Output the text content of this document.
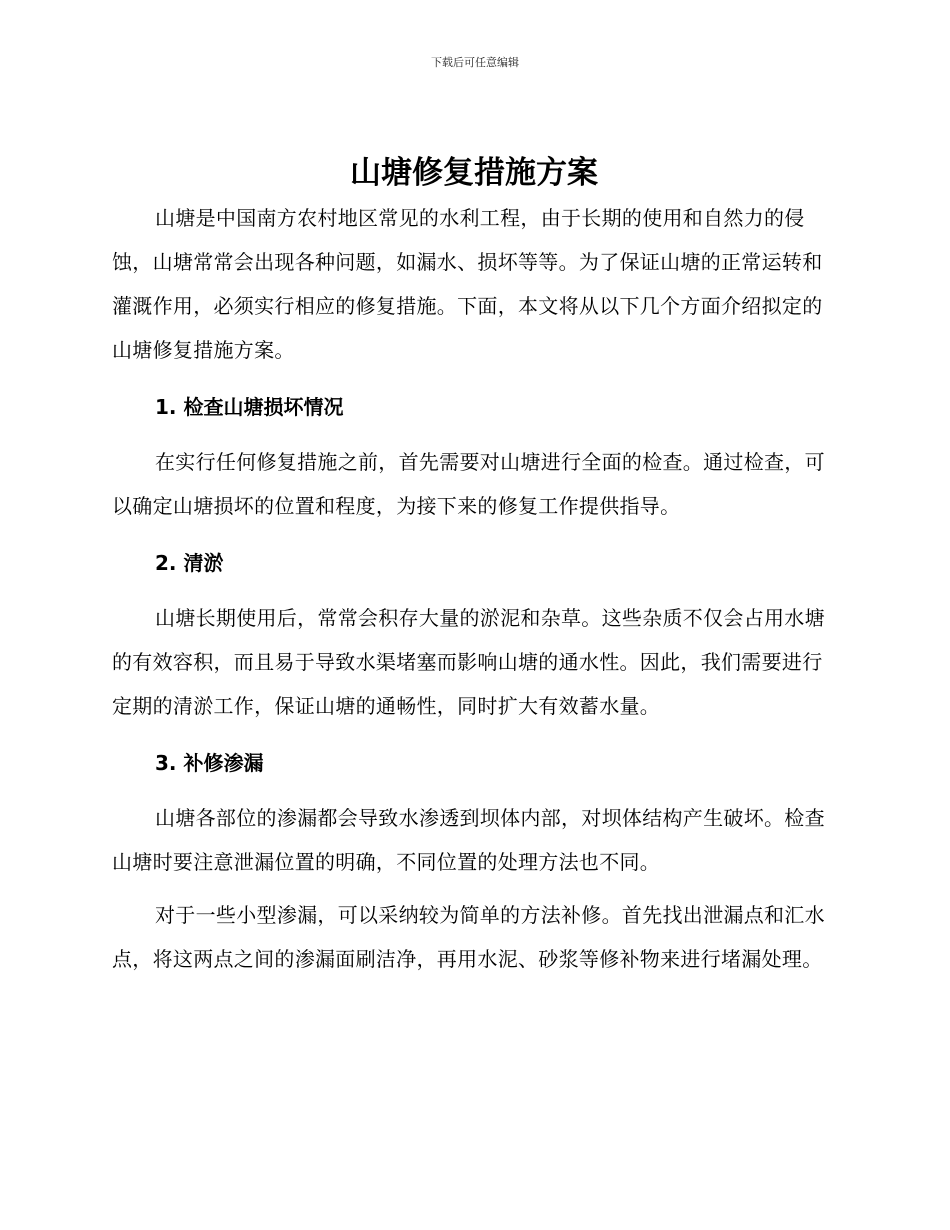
下载后可任意编辑
山塘修复措施方案

山塘是中国南方农村地区常见的水利工程，由于长期的使用和自然力的侵蚀，山塘常常会出现各种问题，如漏水、损坏等等。为了保证山塘的正常运转和灌溉作用，必须实行相应的修复措施。下面，本文将从以下几个方面介绍拟定的山塘修复措施方案。

1. 检查山塘损坏情况

在实行任何修复措施之前，首先需要对山塘进行全面的检查。通过检查，可以确定山塘损坏的位置和程度，为接下来的修复工作提供指导。

2. 清淤

山塘长期使用后，常常会积存大量的淤泥和杂草。这些杂质不仅会占用水塘的有效容积，而且易于导致水渠堵塞而影响山塘的通水性。因此，我们需要进行定期的清淤工作，保证山塘的通畅性，同时扩大有效蓄水量。

3. 补修渗漏

山塘各部位的渗漏都会导致水渗透到坝体内部，对坝体结构产生破坏。检查山塘时要注意泄漏位置的明确，不同位置的处理方法也不同。

对于一些小型渗漏，可以采纳较为简单的方法补修。首先找出泄漏点和汇水点，将这两点之间的渗漏面刷洁净，再用水泥、砂浆等修补物来进行堵漏处理。
